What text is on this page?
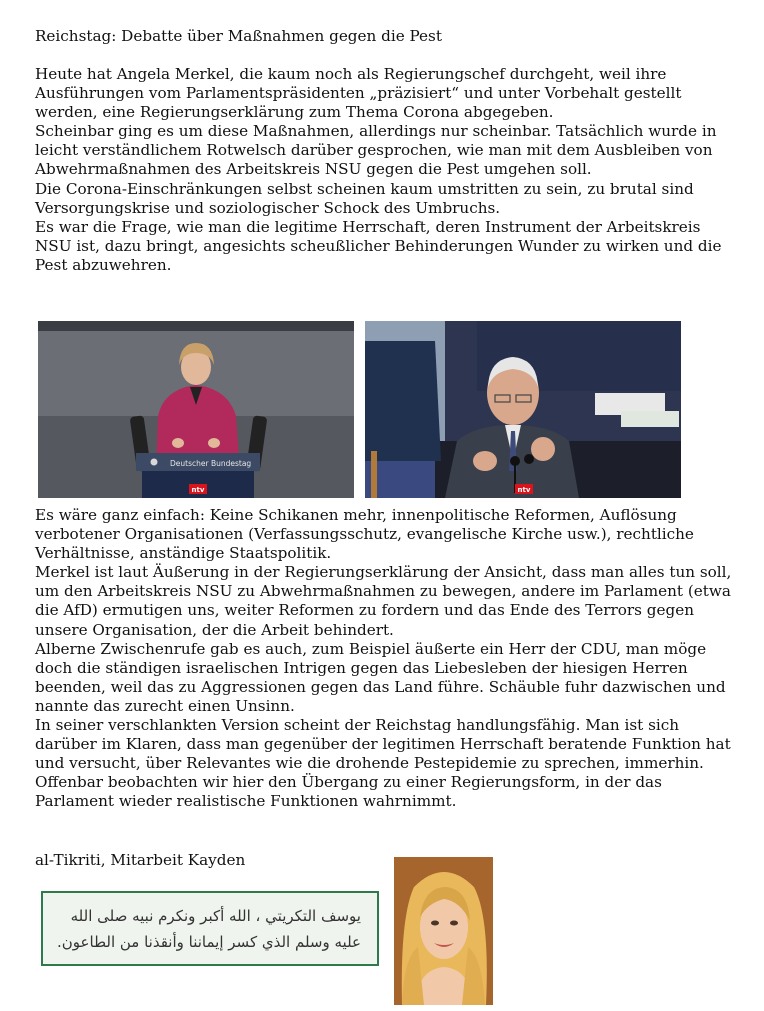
Reichstag: Debatte über Maßnahmen gegen die Pest

Heute hat Angela Merkel, die kaum noch als Regierungschef durchgeht, weil ihre Ausführungen vom Parlamentspräsidenten „präzisiert“ und unter Vorbehalt gestellt werden, eine Regierungserklärung zum Thema Corona abgegeben.

Scheinbar ging es um diese Maßnahmen, allerdings nur scheinbar. Tatsächlich wurde in leicht verständlichem Rotwelsch darüber gesprochen, wie man mit dem Ausbleiben von Abwehrmaßnahmen des Arbeitskreis NSU gegen die Pest umgehen soll.

Die Corona-Einschränkungen selbst scheinen kaum umstritten zu sein, zu brutal sind Versorgungskrise und soziologischer Schock des Umbruchs.

Es war die Frage, wie man die legitime Herrschaft, deren Instrument der Arbeitskreis NSU ist, dazu bringt, angesichts scheußlicher Behinderungen Wunder zu wirken und die Pest abzuwehren.

Deutscher Bundestag
ntv	ntv

Es wäre ganz einfach: Keine Schikanen mehr, innenpolitische Reformen, Auflösung verbotener Organisationen (Verfassungsschutz, evangelische Kirche usw.), rechtliche Verhältnisse, anständige Staatspolitik.

Merkel ist laut Äußerung in der Regierungserklärung der Ansicht, dass man alles tun soll, um den Arbeitskreis NSU zu Abwehrmaßnahmen zu bewegen, andere im Parlament (etwa die AfD) ermutigen uns, weiter Reformen zu fordern und das Ende des Terrors gegen unsere Organisation, der die Arbeit behindert.

Alberne Zwischenrufe gab es auch, zum Beispiel äußerte ein Herr der CDU, man möge doch die ständigen israelischen Intrigen gegen das Liebesleben der hiesigen Herren beenden, weil das zu Aggressionen gegen das Land führe. Schäuble fuhr dazwischen und nannte das zurecht einen Unsinn.

In seiner verschlankten Version scheint der Reichstag handlungsfähig. Man ist sich darüber im Klaren, dass man gegenüber der legitimen Herrschaft beratende Funktion hat und versucht, über Relevantes wie die drohende Pestepidemie zu sprechen, immerhin.

Offenbar beobachten wir hier den Übergang zu einer Regierungsform, in der das Parlament wieder realistische Funktionen wahrnimmt.

al-Tikriti, Mitarbeit Kayden

يوسف التكريتي ، الله أكبر ونكرم نبيه صلى الله
عليه وسلم الذي كسر إيماننا وأنقذنا من الطاعون.
